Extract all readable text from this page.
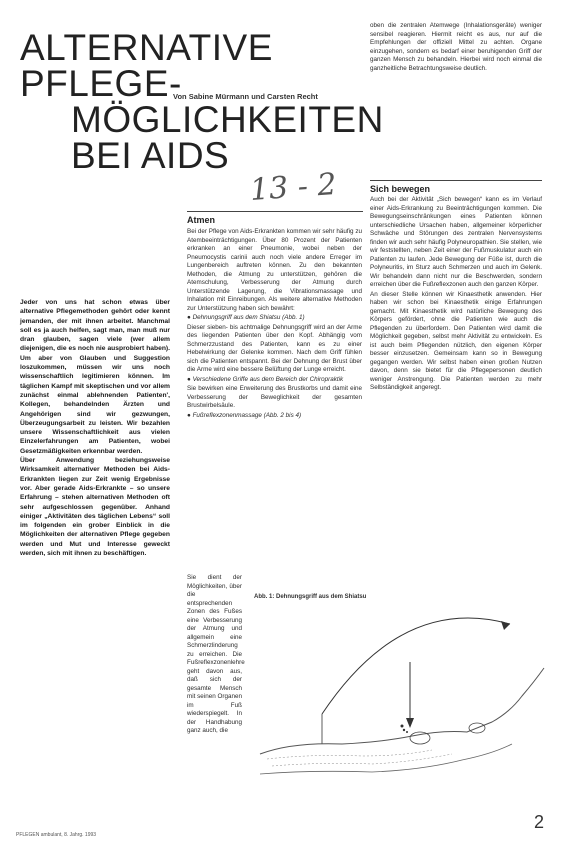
ALTERNATIVE
PFLEGE-
MÖGLICHKEITEN
BEI AIDS
Von Sabine Mürmann und Carsten Recht
13 - 2

Jeder von uns hat schon etwas über alternative Pflegemethoden gehört oder kennt jemanden, der mit ihnen arbeitet. Manchmal soll es ja auch helfen, sagt man, man muß nur dran glauben, sagen viele (wer allem diejenigen, die es noch nie ausprobiert haben). Um aber von Glauben und Suggestion loszukommen, müssen wir uns noch wissenschaftlich legitimieren können. Im täglichen Kampf mit skeptischen und vor allem zunächst einmal ablehnenden Patienten', Kollegen, behandelnden Ärzten und Angehörigen sind wir gezwungen, Überzeugungsarbeit zu leisten. Wir bezahlen unsere Wissenschaftlichkeit aus vielen Einzelerfahrungen am Patienten, wobei Gesetzmäßigkeiten erkennbar werden.

Über Anwendung beziehungsweise Wirksamkeit alternativer Methoden bei Aids-Erkrankten liegen zur Zeit wenig Ergebnisse vor. Aber gerade Aids-Erkrankte – so unsere Erfahrung – stehen alternativen Methoden oft sehr aufgeschlossen gegenüber. Anhand einiger „Aktivitäten des täglichen Lebens“ soll im folgenden ein grober Einblick in die Möglichkeiten der alternativen Pflege gegeben werden und Mut und Interesse geweckt werden, sich mit ihnen zu beschäftigen.

Atmen

Bei der Pflege von Aids-Erkrankten kommen wir sehr häufig zu Atembeeinträchtigungen. Über 80 Prozent der Patienten erkranken an einer Pneumonie, wobei neben der Pneumocystis carinii auch noch viele andere Erreger im Lungenbereich auftreten können. Zu den bekannten Methoden, die Atmung zu unterstützen, gehören die Atemschulung, Verbesserung der Atmung durch Unterstützende Lagerung, die Vibrationsmassage und Inhalation mit Einreibungen. Als weitere alternative Methoden zur Unterstützung haben sich bewährt:

● Dehnungsgriff aus dem Shiatsu (Abb. 1)

Dieser sieben- bis achtmalige Dehnungsgriff wird an der Arme des liegenden Patienten über den Kopf. Abhängig vom Schmerzzustand des Patienten, kann es zu einer Hebelwirkung der Gelenke kommen. Nach dem Griff fühlen sich die Patienten entspannt. Bei der Dehnung der Brust über die Arme wird eine bessere Belüftung der Lunge erreicht.

● Verschiedene Griffe aus dem Bereich der Chiropraktik

Sie bewirken eine Erweiterung des Brustkorbs und damit eine Verbesserung der Beweglichkeit der gesamten Brustwirbelsäule.

● Fußreflexzonenmassage (Abb. 2 bis 4)

Sie dient der Möglichkeiten, über die entsprechenden Zonen des Fußes eine Verbesserung der Atmung und allgemein eine Schmerzlinderung zu erreichen. Die Fußreflexzonenlehre geht davon aus, daß sich der gesamte Mensch mit seinen Organen im Fuß wiederspiegelt. In der Handhabung ganz auch, die

oben die zentralen Atemwege (Inhalationsgeräte) weniger sensibel reagieren. Hiermit reicht es aus, nur auf die Empfehlungen der offiziell Mittel zu achten. Organe einzugehen, sondern es bedarf einer beruhigenden Griff der ganzen Mensch zu behandeln. Hierbei wird noch einmal die ganzheitliche Betrachtungsweise deutlich.

Sich bewegen

Auch bei der Aktivität „Sich bewegen“ kann es im Verlauf einer Aids-Erkrankung zu Beeinträchtigungen kommen. Die Bewegungseinschränkungen eines Patienten können unterschiedliche Ursachen haben, allgemeiner körperlicher Schwäche und Störungen des zentralen Nervensystems finden wir auch sehr häufig Polyneuropathien. Sie stellen, wie wir feststellten, neben Zeit einer der Fußmuskulatur auch ein Patienten zu laufen. Jede Bewegung der Füße ist, durch die Polyneuritis, im Sturz auch Schmerzen und auch im Gelenk. Wir behandeln dann nicht nur die Beschwerden, sondern erreichen über die Fußreflexzonen auch den ganzen Körper.

An dieser Stelle können wir Kinaesthetik anwenden. Hier haben wir schon bei Kinaesthetik einige Erfahrungen gemacht. Mit Kinaesthetik wird natürliche Bewegung des Körpers gefördert, ohne die Patienten wie auch die Pflegenden zu überfordern. Den Patienten wird damit die Möglichkeit gegeben, selbst mehr Aktivität zu entwickeln. Es ist auch beim Pflegenden nützlich, den eigenen Körper besser einzusetzen. Gemeinsam kann so in Bewegung gegangen werden. Wir selbst haben einen großen Nutzen davon, denn sie bietet für die Pflegepersonen deutlich weniger Anstrengung. Die Patienten werden zu mehr Selbständigkeit angeregt.

Abb. 1: Dehnungsgriff aus dem Shiatsu
PFLEGEN ambulant, 8. Jahrg. 1993
2
